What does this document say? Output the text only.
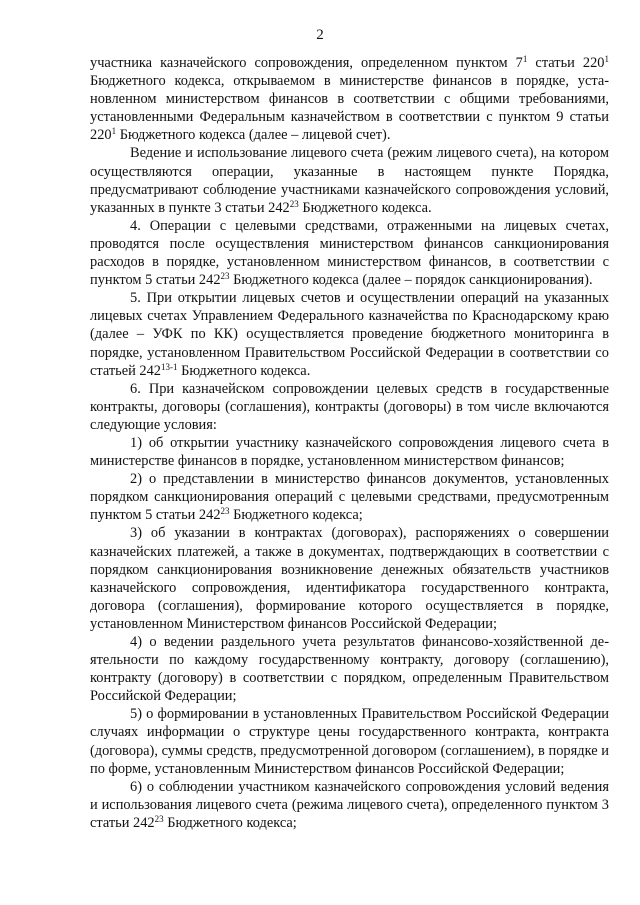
2

участника казначейского сопровождения, определенном пунктом $7^1$ статьи $220^1$ Бюджетного кодекса, открываемом в министерстве финансов в порядке, установленном министерством финансов в соответствии с общими требованиями, установленными Федеральным казначейством в соответствии с пунктом 9 статьи $220^1$ Бюджетного кодекса (далее – лицевой счет).

Ведение и использование лицевого счета (режим лицевого счета), на котором осуществляются операции, указанные в настоящем пункте Порядка, предусматривают соблюдение участниками казначейского сопровождения условий, указанных в пункте 3 статьи $242^{23}$ Бюджетного кодекса.

4. Операции с целевыми средствами, отраженными на лицевых счетах, проводятся после осуществления министерством финансов санкционирования расходов в порядке, установленном министерством финансов, в соответствии с пунктом 5 статьи $242^{23}$ Бюджетного кодекса (далее – порядок санкционирования).

5. При открытии лицевых счетов и осуществлении операций на указанных лицевых счетах Управлением Федерального казначейства по Краснодарскому краю (далее – УФК по КК) осуществляется проведение бюджетного мониторинга в порядке, установленном Правительством Российской Федерации в соответствии со статьей 242$^{13-1}$ Бюджетного кодекса.

6. При казначейском сопровождении целевых средств в государственные контракты, договоры (соглашения), контракты (договоры) в том числе включаются следующие условия:

1) об открытии участнику казначейского сопровождения лицевого счета в министерстве финансов в порядке, установленном министерством финансов;

2) о представлении в министерство финансов документов, установленных порядком санкционирования операций с целевыми средствами, предусмотренным пунктом 5 статьи $242^{23}$ Бюджетного кодекса;

3) об указании в контрактах (договорах), распоряжениях о совершении казначейских платежей, а также в документах, подтверждающих в соответствии с порядком санкционирования возникновение денежных обязательств участников казначейского сопровождения, идентификатора государственного контракта, договора (соглашения), формирование которого осуществляется в порядке, установленном Министерством финансов Российской Федерации;

4) о ведении раздельного учета результатов финансово-хозяйственной деятельности по каждому государственному контракту, договору (соглашению), контракту (договору) в соответствии с порядком, определенным Правительством Российской Федерации;

5) о формировании в установленных Правительством Российской Федерации случаях информации о структуре цены государственного контракта, контракта (договора), суммы средств, предусмотренной договором (соглашением), в порядке и по форме, установленным Министерством финансов Российской Федерации;

6) о соблюдении участником казначейского сопровождения условий ведения и использования лицевого счета (режима лицевого счета), определенного пунктом 3 статьи $242^{23}$ Бюджетного кодекса;
